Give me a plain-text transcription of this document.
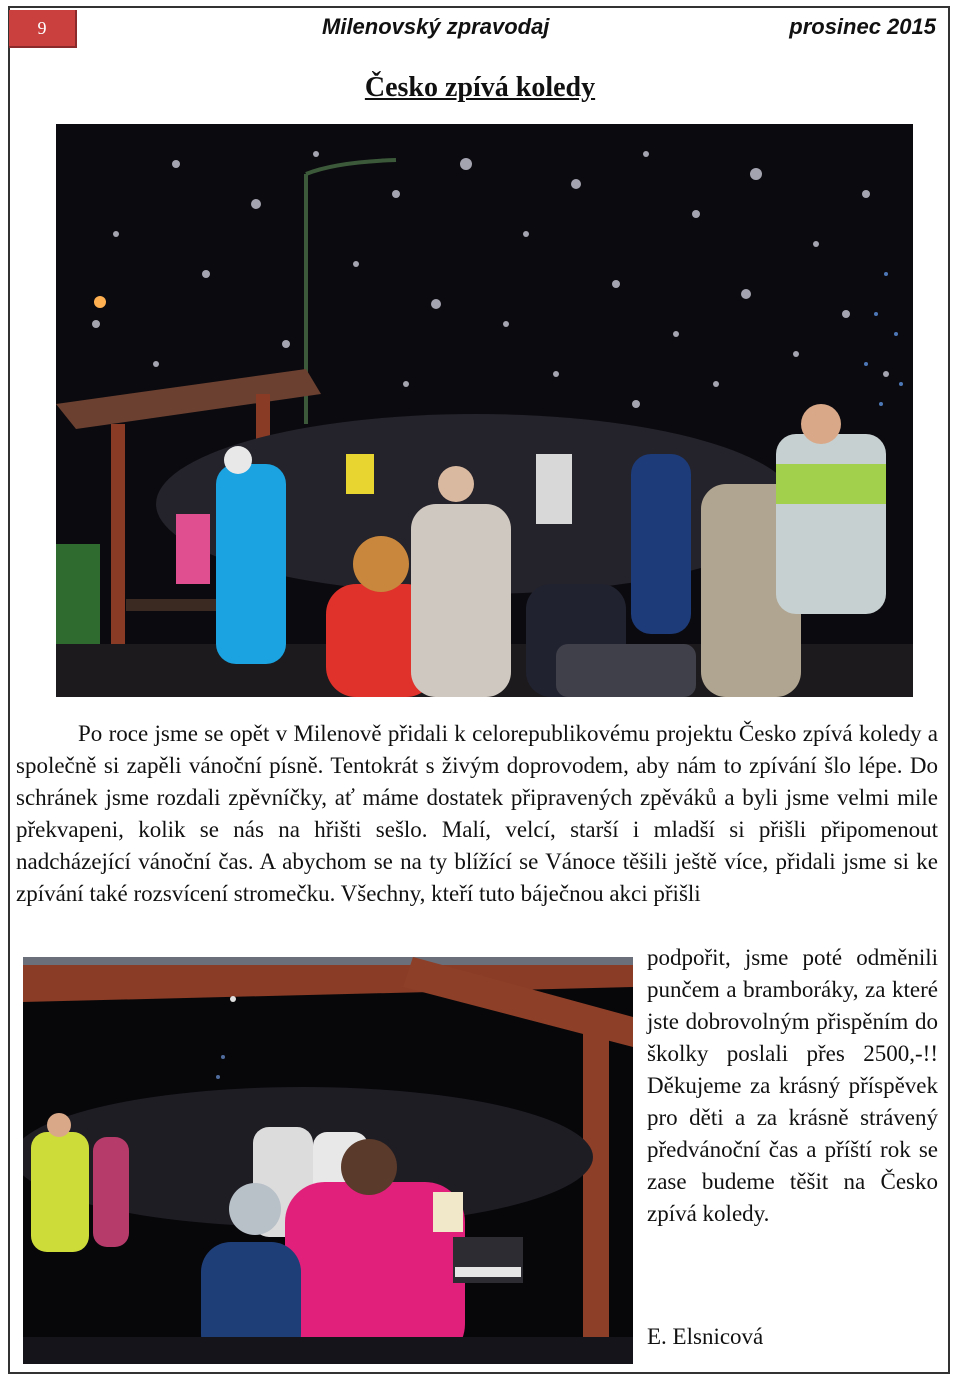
9	Milenovský zpravodaj	prosinec 2015
Česko zpívá koledy

Po roce jsme se opět v Milenově přidali k celorepublikovému projektu Česko zpívá koledy a společně si zapěli vánoční písně. Tentokrát s živým doprovodem, aby nám to zpívání šlo lépe. Do schránek jsme rozdali zpěvníčky, ať máme dostatek připravených zpěváků a byli jsme velmi mile překvapeni, kolik se nás na hřišti sešlo. Malí, velcí, starší i mladší si přišli připomenout nadcházející vánoční čas. A abychom se na ty blížící se Vánoce těšili ještě více, přidali jsme si ke zpívání také rozsvícení stromečku. Všechny, kteří tuto báječnou akci přišli

podpořit, jsme poté odměnili punčem a bramboráky, za které jste dobrovolným přispěním do školky poslali přes 2500,-!! Děkujeme za krásný příspěvek pro děti a za krásně strávený předvánoční čas a příští rok se zase budeme těšit na Česko zpívá koledy.

E. Elsnicová
